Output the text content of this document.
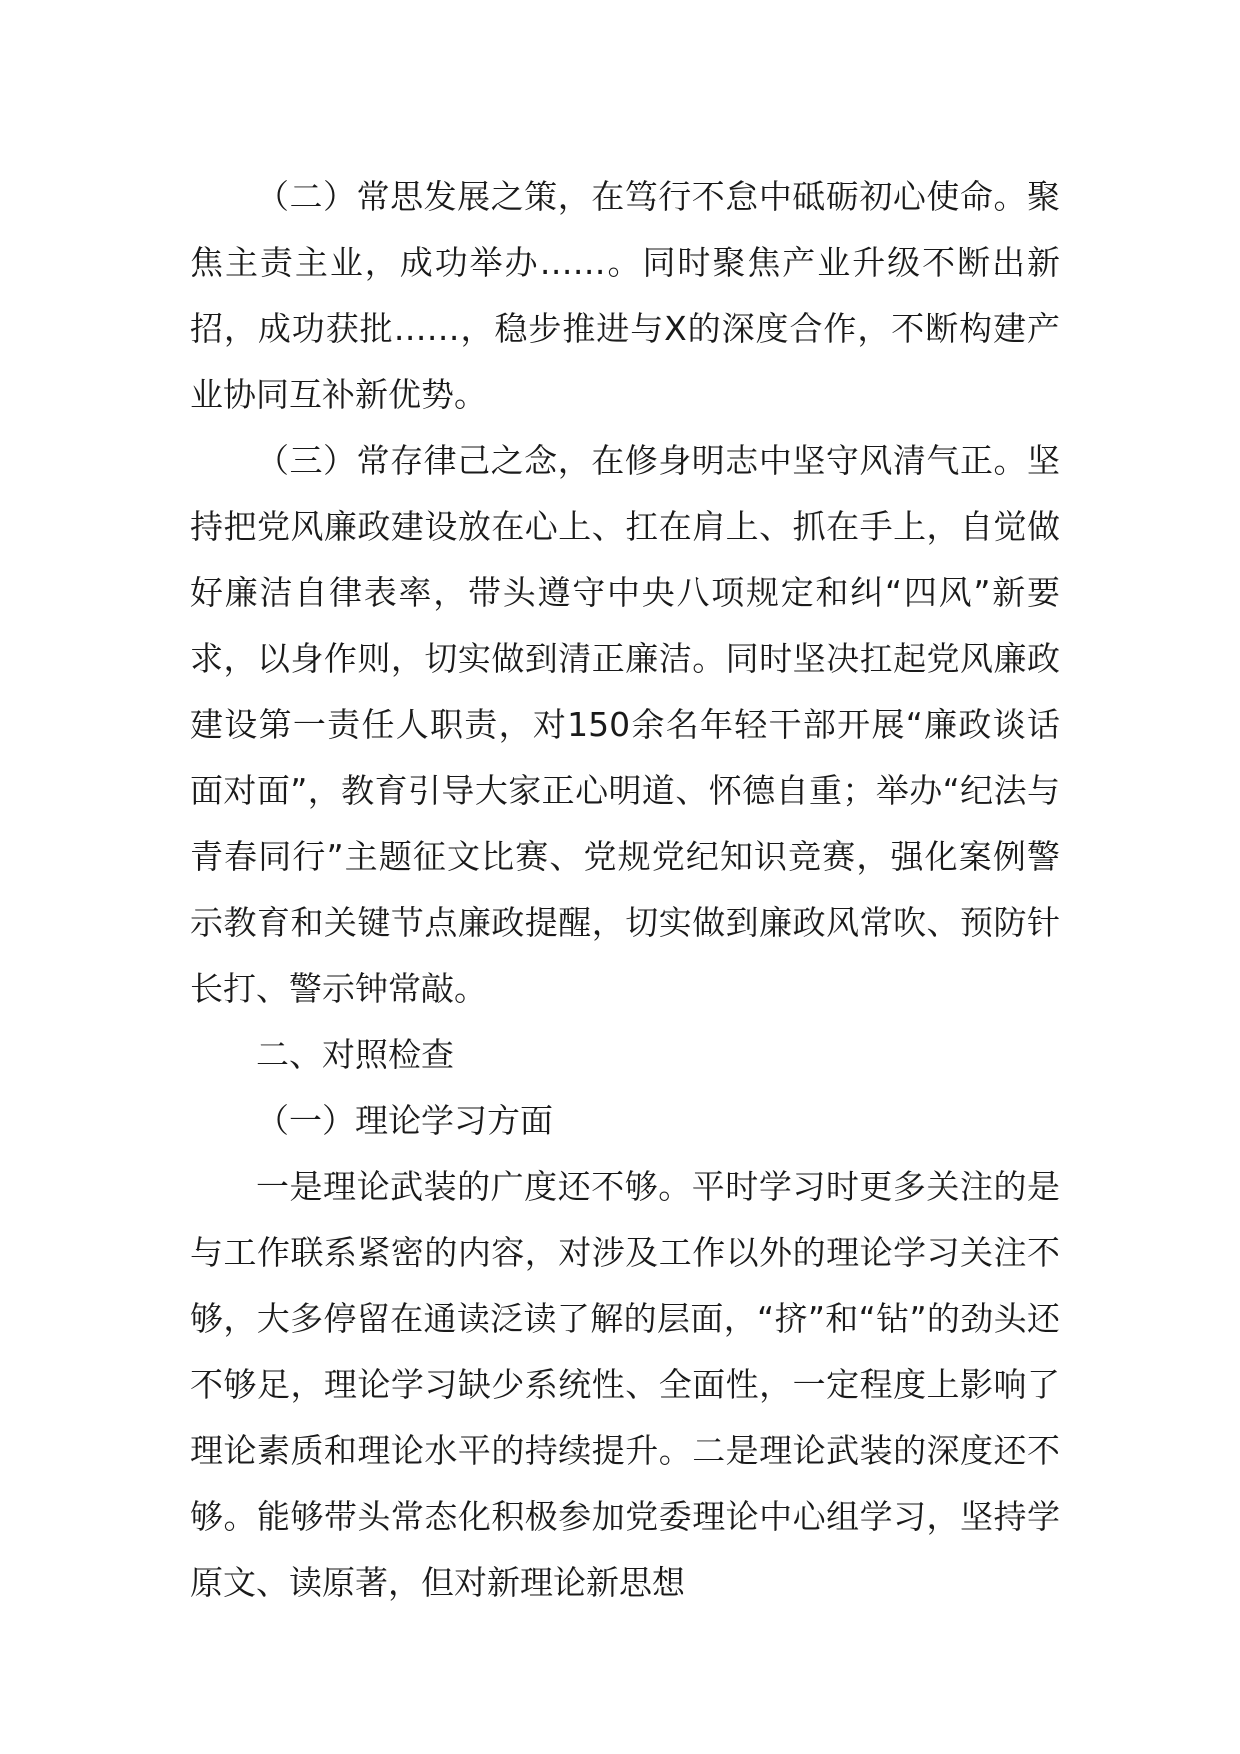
（二）常思发展之策，在笃行不怠中砥砺初心使命。聚焦主责主业，成功举办……。同时聚焦产业升级不断出新招，成功获批……，稳步推进与X的深度合作，不断构建产业协同互补新优势。

（三）常存律己之念，在修身明志中坚守风清气正。坚持把党风廉政建设放在心上、扛在肩上、抓在手上，自觉做好廉洁自律表率，带头遵守中央八项规定和纠“四风”新要求，以身作则，切实做到清正廉洁。同时坚决扛起党风廉政建设第一责任人职责，对150余名年轻干部开展“廉政谈话面对面”，教育引导大家正心明道、怀德自重；举办“纪法与青春同行”主题征文比赛、党规党纪知识竞赛，强化案例警示教育和关键节点廉政提醒，切实做到廉政风常吹、预防针长打、警示钟常敲。

二、对照检查

（一）理论学习方面

一是理论武装的广度还不够。平时学习时更多关注的是与工作联系紧密的内容，对涉及工作以外的理论学习关注不够，大多停留在通读泛读了解的层面，“挤”和“钻”的劲头还不够足，理论学习缺少系统性、全面性，一定程度上影响了理论素质和理论水平的持续提升。二是理论武装的深度还不够。能够带头常态化积极参加党委理论中心组学习，坚持学原文、读原著，但对新理论新思想
